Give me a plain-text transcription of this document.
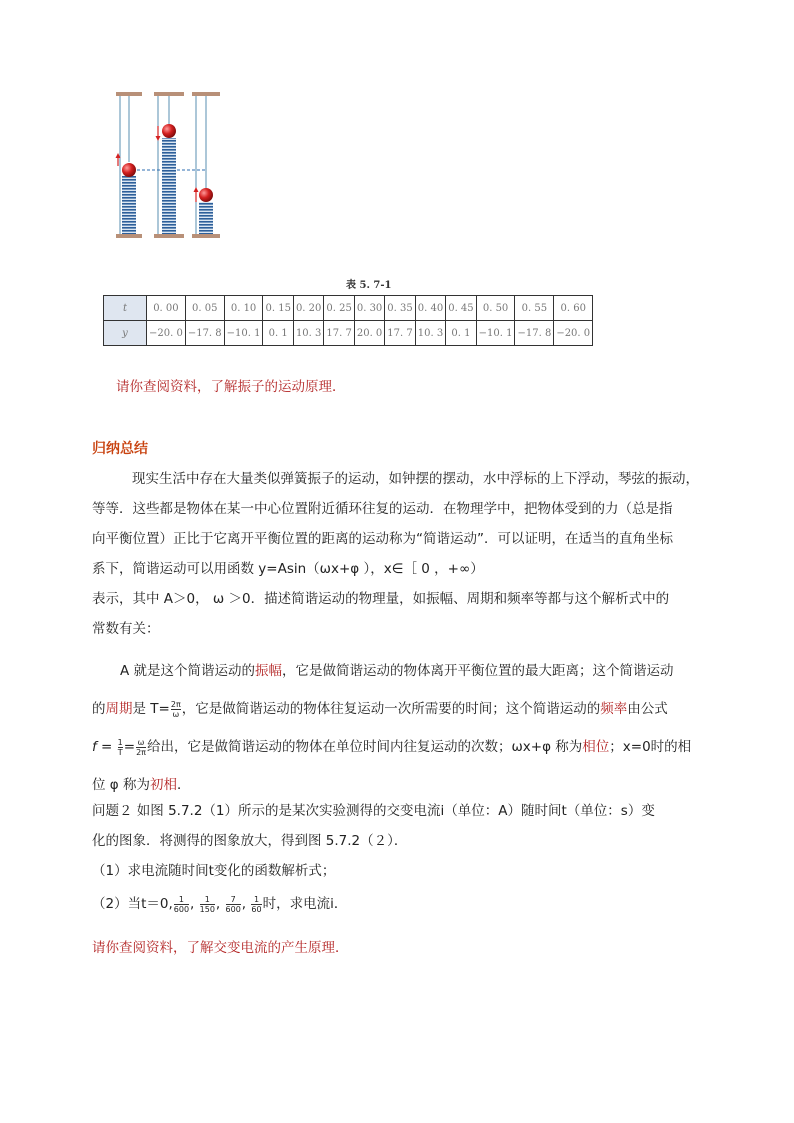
表 5. 7-1
t	0. 00	0. 05	0. 10	0. 15	0. 20	0. 25	0. 30	0. 35	0. 40	0. 45	0. 50	0. 55	0. 60
y	−20. 0	−17. 8	−10. 1	0. 1	10. 3	17. 7	20. 0	17. 7	10. 3	0. 1	−10. 1	−17. 8	−20. 0
请你查阅资料，了解振子的运动原理．
归纳总结
现实生活中存在大量类似弹簧振子的运动，如钟摆的摆动，水中浮标的上下浮动，琴弦的振动，
等等．这些都是物体在某一中心位置附近循环往复的运动．在物理学中，把物体受到的力（总是指
向平衡位置）正比于它离开平衡位置的距离的运动称为“简谐运动”．可以证明，在适当的直角坐标
系下，简谐运动可以用函数 y=Asin（ωx+φ ），x∈［ 0 ，+∞）
表示，其中 A＞0， ω ＞0．描述简谐运动的物理量，如振幅、周期和频率等都与这个解析式中的
常数有关：
A 就是这个简谐运动的振幅，它是做简谐运动的物体离开平衡位置的最大距离；这个简谐运动
的周期是 $T= \frac{2\pi}{\omega}$ ，它是做简谐运动的物体往复运动一次所需要的时间；这个简谐运动的频率由公式
$f = \frac{1}{T} = \frac{\omega}{2\pi}$ 给出，它是做简谐运动的物体在单位时间内往复运动的次数；ωx+φ 称为相位；x=0时的相
位 φ 称为初相．
问题２ 如图 5.7.2（1）所示的是某次实验测得的交变电流i（单位：A）随时间t（单位：s）变
化的图象．将测得的图象放大，得到图 5.7.2（２）．
（1）求电流随时间t变化的函数解析式；
（2）当t＝0, $\frac{1}{600}$ , $\frac{1}{150}$ , $\frac{7}{600}$ , $\frac{1}{60}$ 时，求电流i．
请你查阅资料，了解交变电流的产生原理．
